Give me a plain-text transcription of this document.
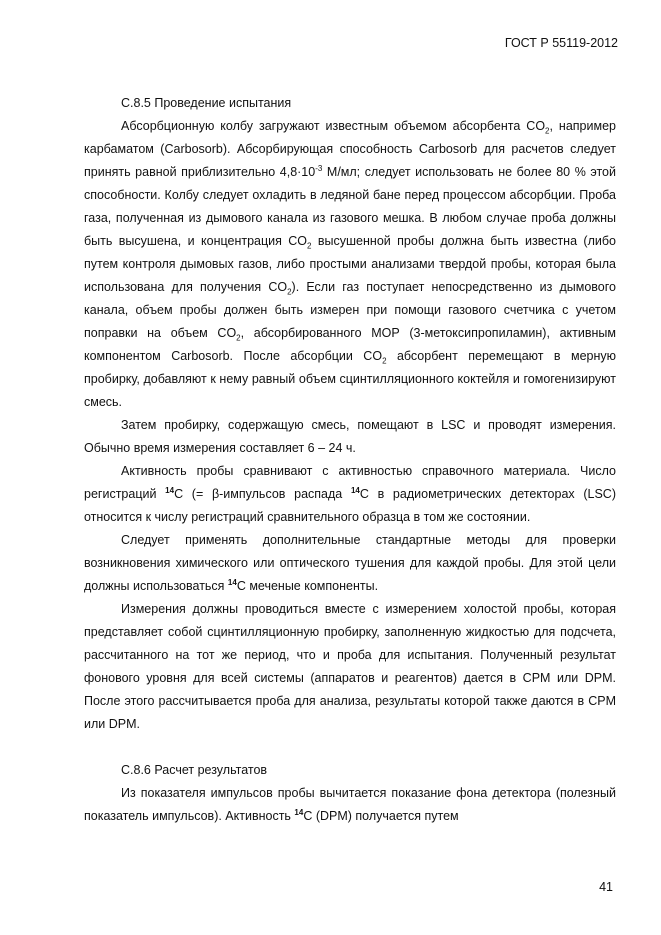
ГОСТ Р 55119-2012

С.8.5 Проведение испытания

Абсорбционную колбу загружают известным объемом абсорбента $CO_2$, например карбаматом (Carbosorb). Абсорбирующая способность Carbosorb для расчетов следует принять равной приблизительно $4,8\cdot 10^{-3}$ М/мл; следует использовать не более 80 % этой способности. Колбу следует охладить в ледяной бане перед процессом абсорбции. Проба газа, полученная из дымового канала из газового мешка. В любом случае проба должны быть высушена, и концентрация $CO_2$ высушенной пробы должна быть известна (либо путем контроля дымовых газов, либо простыми анализами твердой пробы, которая была использована для получения $CO_2$). Если газ поступает непосредственно из дымового канала, объем пробы должен быть измерен при помощи газового счетчика с учетом поправки на объем $CO_2$, абсорбированного МОР (3-метоксипропиламин), активным компонентом Carbosorb. После абсорбции $CO_2$ абсорбент перемещают в мерную пробирку, добавляют к нему равный объем сцинтилляционного коктейля и гомогенизируют смесь.

Затем пробирку, содержащую смесь, помещают в LSC и проводят измерения. Обычно время измерения составляет 6 – 24 ч.

Активность пробы сравнивают с активностью справочного материала. Число регистраций $^{14}$С (= β-импульсов распада $^{14}$С в радиометрических детекторах (LSC) относится к числу регистраций сравнительного образца в том же состоянии.

Следует применять дополнительные стандартные методы для проверки возникновения химического или оптического тушения для каждой пробы. Для этой цели должны использоваться $^{14}$С меченые компоненты.

Измерения должны проводиться вместе с измерением холостой пробы, которая представляет собой сцинтилляционную пробирку, заполненную жидкостью для подсчета, рассчитанного на тот же период, что и проба для испытания. Полученный результат фонового уровня для всей системы (аппаратов и реагентов) дается в CPM или DPM. После этого рассчитывается проба для анализа, результаты которой также даются в CPM или DPM.

С.8.6 Расчет результатов

Из показателя импульсов пробы вычитается показание фона детектора (полезный показатель импульсов). Активность $^{14}$С (DPM) получается путем

41
